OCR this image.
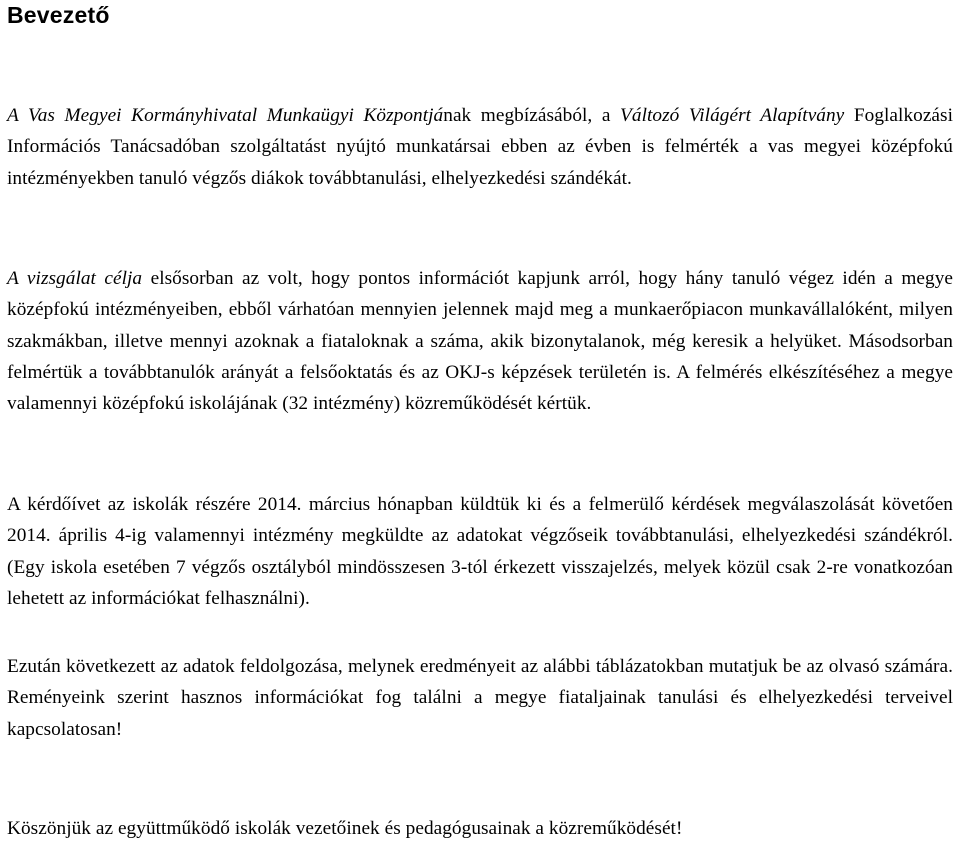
Bevezető

A Vas Megyei Kormányhivatal Munkaügyi Központjának megbízásából, a Változó Világért Alapítvány Foglalkozási Információs Tanácsadóban szolgáltatást nyújtó munkatársai ebben az évben is felmérték a vas megyei középfokú intézményekben tanuló végzős diákok továbbtanulási, elhelyezkedési szándékát.

A vizsgálat célja elsősorban az volt, hogy pontos információt kapjunk arról, hogy hány tanuló végez idén a megye középfokú intézményeiben, ebből várhatóan mennyien jelennek majd meg a munkaerőpiacon munkavállalóként, milyen szakmákban, illetve mennyi azoknak a fiataloknak a száma, akik bizonytalanok, még keresik a helyüket. Másodsorban felmértük a továbbtanulók arányát a felsőoktatás és az OKJ-s képzések területén is. A felmérés elkészítéséhez a megye valamennyi középfokú iskolájának (32 intézmény) közreműködését kértük.

A kérdőívet az iskolák részére 2014. március hónapban küldtük ki és a felmerülő kérdések megválaszolását követően 2014. április 4-ig valamennyi intézmény megküldte az adatokat végzőseik továbbtanulási, elhelyezkedési szándékról. (Egy iskola esetében 7 végzős osztályból mindösszesen 3-tól érkezett visszajelzés, melyek közül csak 2-re vonatkozóan lehetett az információkat felhasználni).

Ezután következett az adatok feldolgozása, melynek eredményeit az alábbi táblázatokban mutatjuk be az olvasó számára. Reményeink szerint hasznos információkat fog találni a megye fiataljainak tanulási és elhelyezkedési terveivel kapcsolatosan!

Köszönjük az együttműködő iskolák vezetőinek és pedagógusainak a közreműködését!
